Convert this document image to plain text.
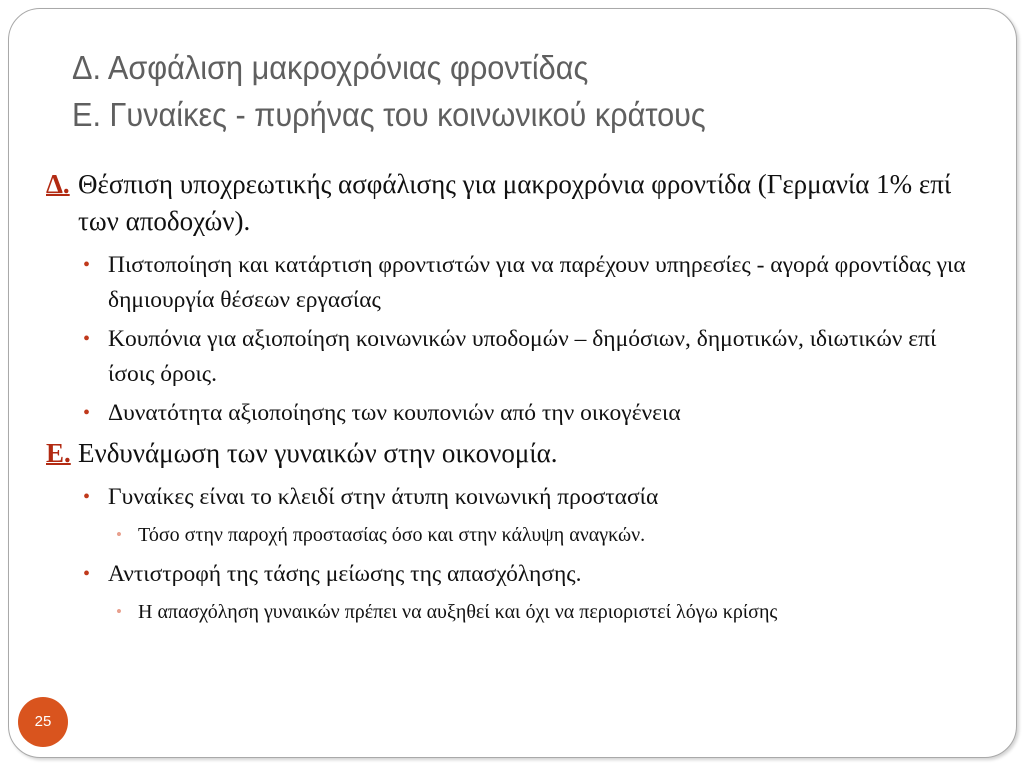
Δ. Ασφάλιση μακροχρόνιας φροντίδας
Ε. Γυναίκες - πυρήνας του κοινωνικού κράτους

Δ. Θέσπιση υποχρεωτικής ασφάλισης για μακροχρόνια φροντίδα (Γερμανία 1% επί των αποδοχών).

• Πιστοποίηση και κατάρτιση φροντιστών για να παρέχουν υπηρεσίες - αγορά φροντίδας για δημιουργία θέσεων εργασίας

• Κουπόνια για αξιοποίηση κοινωνικών υποδομών – δημόσιων, δημοτικών, ιδιωτικών επί ίσοις όροις.

• Δυνατότητα αξιοποίησης των κουπονιών από την οικογένεια

Ε. Ενδυνάμωση των γυναικών στην οικονομία.

• Γυναίκες είναι το κλειδί στην άτυπη κοινωνική προστασία

• Τόσο στην παροχή προστασίας όσο και στην κάλυψη αναγκών.

• Αντιστροφή της τάσης μείωσης της απασχόλησης.

• Η απασχόληση γυναικών πρέπει να αυξηθεί και όχι να περιοριστεί λόγω κρίσης

25
